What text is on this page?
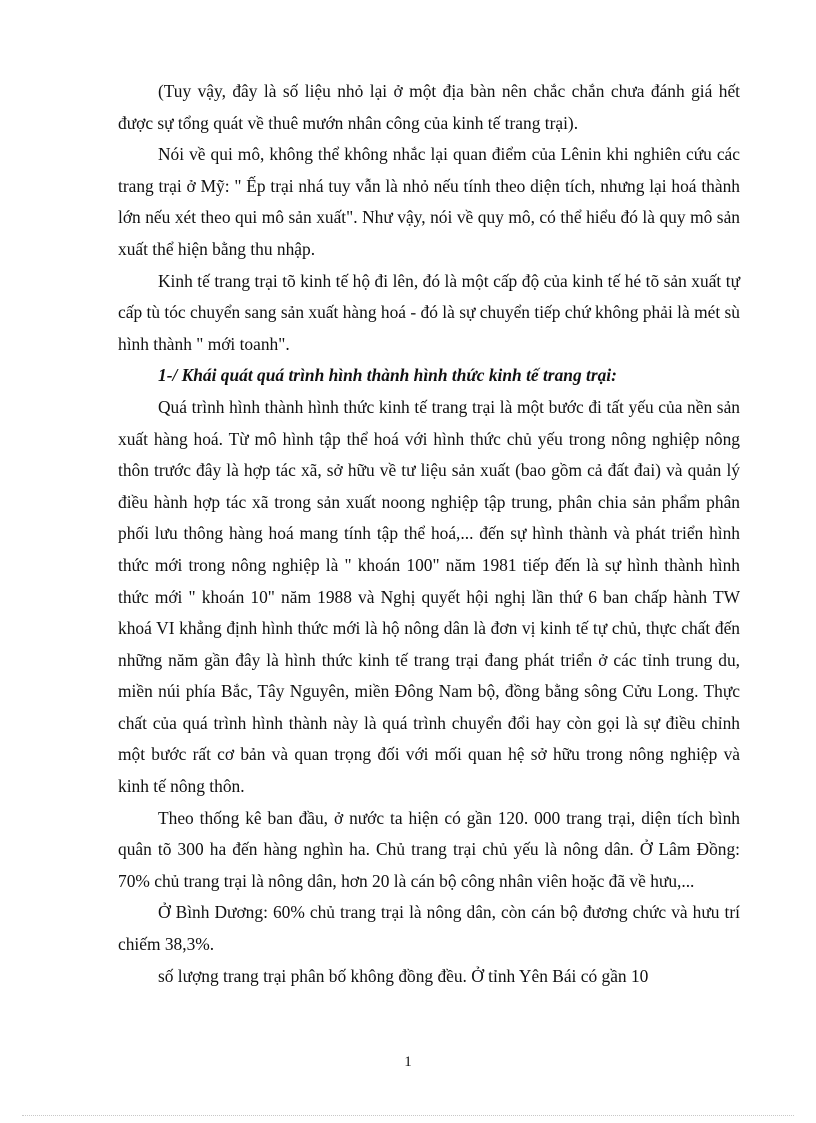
(Tuy vậy, đây là số liệu nhỏ lại ở một địa bàn nên chắc chắn chưa đánh giá hết được sự tổng quát về thuê mướn nhân công của kinh tế trang trại).

Nói về qui mô, không thể không nhắc lại quan điểm của Lênin khi nghiên cứu các trang trại ở Mỹ: " Ếp trại nhá tuy vẫn là nhỏ nếu tính theo diện tích, nhưng lại hoá thành lớn nếu xét theo qui mô sản xuất". Như vậy, nói về quy mô, có thể hiểu đó là quy mô sản xuất thể hiện bằng thu nhập.

Kinh tế trang trại tõ kinh tế hộ đi lên, đó là một cấp độ của kinh tế hé tõ sản xuất tự cấp tù tóc chuyển sang sản xuất hàng hoá - đó là sự chuyển tiếp chứ không phải là mét sù hình thành " mới toanh".

1-/ Khái quát quá trình hình thành hình thức kinh tế trang trại:

Quá trình hình thành hình thức kinh tế trang trại là một bước đi tất yếu của nền sản xuất hàng hoá. Từ mô hình tập thể hoá với hình thức chủ yếu trong nông nghiệp nông thôn trước đây là hợp tác xã, sở hữu về tư liệu sản xuất (bao gồm cả đất đai) và quản lý điều hành hợp tác xã trong sản xuất noong nghiệp tập trung, phân chia sản phẩm phân phối lưu thông hàng hoá mang tính tập thể hoá,... đến sự hình thành và phát triển hình thức mới trong nông nghiệp là " khoán 100" năm 1981 tiếp đến là sự hình thành hình thức mới " khoán 10" năm 1988 và Nghị quyết hội nghị lần thứ 6 ban chấp hành TW khoá VI khẳng định hình thức mới là hộ nông dân là đơn vị kinh tế tự chủ, thực chất đến những năm gần đây là hình thức kinh tế trang trại đang phát triển ở các tỉnh trung du, miền núi phía Bắc, Tây Nguyên, miền Đông Nam bộ, đồng bằng sông Cửu Long. Thực chất của quá trình hình thành này là quá trình chuyển đổi hay còn gọi là sự điều chỉnh một bước rất cơ bản và quan trọng đối với mối quan hệ sở hữu trong nông nghiệp và kinh tế nông thôn.

Theo thống kê ban đầu, ở nước ta hiện có gần 120. 000 trang trại, diện tích bình quân tõ 300 ha đến hàng nghìn ha. Chủ trang trại chủ yếu là nông dân. Ở Lâm Đồng: 70% chủ trang trại là nông dân, hơn 20 là cán bộ công nhân viên hoặc đã về hưu,...

Ở Bình Dương: 60% chủ trang trại là nông dân, còn cán bộ đương chức và hưu trí chiếm 38,3%.

số lượng trang trại phân bố không đồng đều. Ở tỉnh Yên Bái có gần 10

1
